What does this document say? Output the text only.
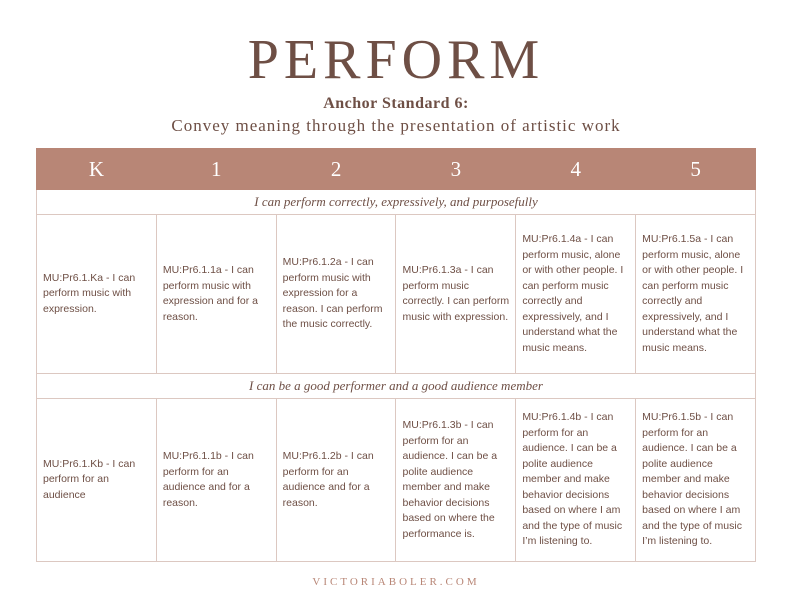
PERFORM
Anchor Standard 6:
Convey meaning through the presentation of artistic work
K	1	2	3	4	5
I can perform correctly, expressively, and purposefully					
MU:Pr6.1.Ka - I can perform music with expression.	MU:Pr6.1.1a - I can perform music with expression and for a reason.	MU:Pr6.1.2a - I can perform music with expression for a reason. I can perform the music correctly.	MU:Pr6.1.3a - I can perform music correctly. I can perform music with expression.	MU:Pr6.1.4a - I can perform music, alone or with other people. I can perform music correctly and expressively, and I understand what the music means.	MU:Pr6.1.5a - I can perform music, alone or with other people. I can perform music correctly and expressively, and I understand what the music means.
I can be a good performer and a good audience member					
MU:Pr6.1.Kb - I can perform for an audience	MU:Pr6.1.1b - I can perform for an audience and for a reason.	MU:Pr6.1.2b - I can perform for an audience and for a reason.	MU:Pr6.1.3b - I can perform for an audience. I can be a polite audience member and make behavior decisions based on where the performance is.	MU:Pr6.1.4b - I can perform for an audience. I can be a polite audience member and make behavior decisions based on where I am and the type of music I’m listening to.	MU:Pr6.1.5b - I can perform for an audience. I can be a polite audience member and make behavior decisions based on where I am and the type of music I’m listening to.
VICTORIABOLER.COM
